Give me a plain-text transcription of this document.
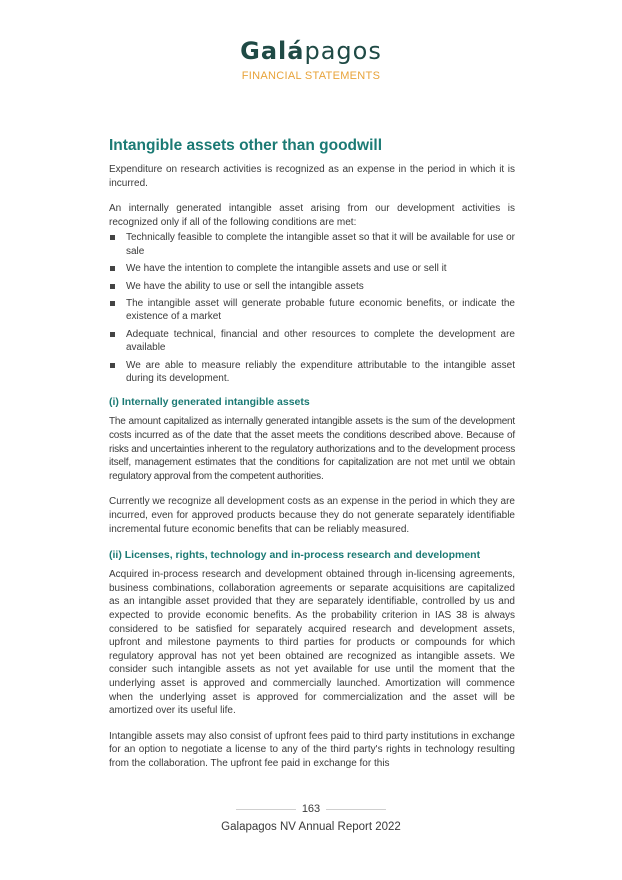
Galápagos
FINANCIAL STATEMENTS
Intangible assets other than goodwill

Expenditure on research activities is recognized as an expense in the period in which it is incurred.

An internally generated intangible asset arising from our development activities is recognized only if all of the following conditions are met:

Technically feasible to complete the intangible asset so that it will be available for use or sale
We have the intention to complete the intangible assets and use or sell it
We have the ability to use or sell the intangible assets
The intangible asset will generate probable future economic benefits, or indicate the existence of a market
Adequate technical, financial and other resources to complete the development are available
We are able to measure reliably the expenditure attributable to the intangible asset during its development.
(i) Internally generated intangible assets

The amount capitalized as internally generated intangible assets is the sum of the development costs incurred as of the date that the asset meets the conditions described above. Because of risks and uncertainties inherent to the regulatory authorizations and to the development process itself, management estimates that the conditions for capitalization are not met until we obtain regulatory approval from the competent authorities.

Currently we recognize all development costs as an expense in the period in which they are incurred, even for approved products because they do not generate separately identifiable incremental future economic benefits that can be reliably measured.

(ii) Licenses, rights, technology and in-process research and development

Acquired in-process research and development obtained through in-licensing agreements, business combinations, collaboration agreements or separate acquisitions are capitalized as an intangible asset provided that they are separately identifiable, controlled by us and expected to provide economic benefits. As the probability criterion in IAS 38 is always considered to be satisfied for separately acquired research and development assets, upfront and milestone payments to third parties for products or compounds for which regulatory approval has not yet been obtained are recognized as intangible assets. We consider such intangible assets as not yet available for use until the moment that the underlying asset is approved and commercially launched. Amortization will commence when the underlying asset is approved for commercialization and the asset will be amortized over its useful life.

Intangible assets may also consist of upfront fees paid to third party institutions in exchange for an option to negotiate a license to any of the third party's rights in technology resulting from the collaboration. The upfront fee paid in exchange for this

163
Galapagos NV Annual Report 2022
